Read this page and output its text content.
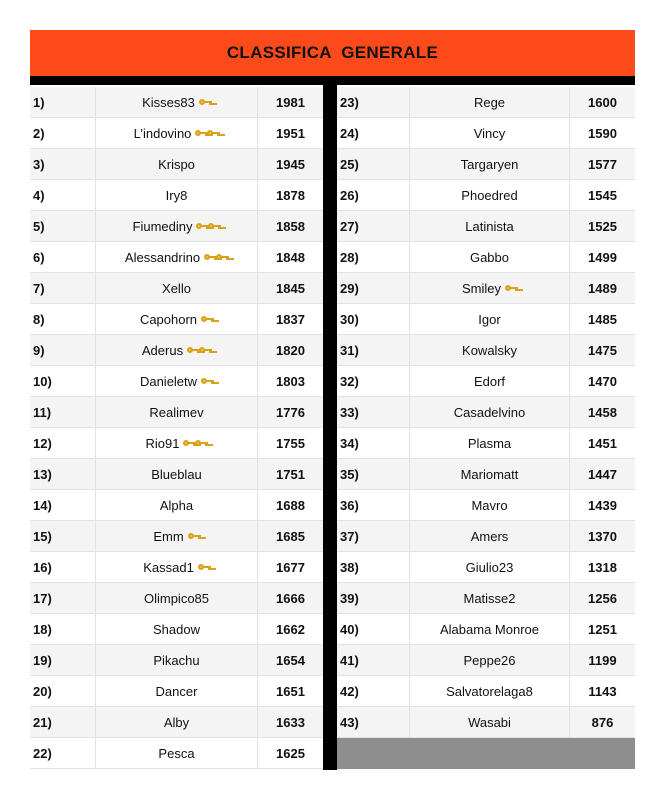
CLASSIFICA  GENERALE
1)	Kisses83	1981
2)	L’indovino	1951
3)	Krispo	1945
4)	Iry8	1878
5)	Fiumediny	1858
6)	Alessandrino	1848
7)	Xello	1845
8)	Capohorn	1837
9)	Aderus	1820
10)	Danieletw	1803
11)	Realimev	1776
12)	Rio91	1755
13)	Blueblau	1751
14)	Alpha	1688
15)	Emm	1685
16)	Kassad1	1677
17)	Olimpico85	1666
18)	Shadow	1662
19)	Pikachu	1654
20)	Dancer	1651
21)	Alby	1633
22)	Pesca	1625
23)	Rege	1600
24)	Vincy	1590
25)	Targaryen	1577
26)	Phoedred	1545
27)	Latinista	1525
28)	Gabbo	1499
29)	Smiley	1489
30)	Igor	1485
31)	Kowalsky	1475
32)	Edorf	1470
33)	Casadelvino	1458
34)	Plasma	1451
35)	Mariomatt	1447
36)	Mavro	1439
37)	Amers	1370
38)	Giulio23	1318
39)	Matisse2	1256
40)	Alabama Monroe	1251
41)	Peppe26	1199
42)	Salvatorelaga8	1143
43)	Wasabi	876
